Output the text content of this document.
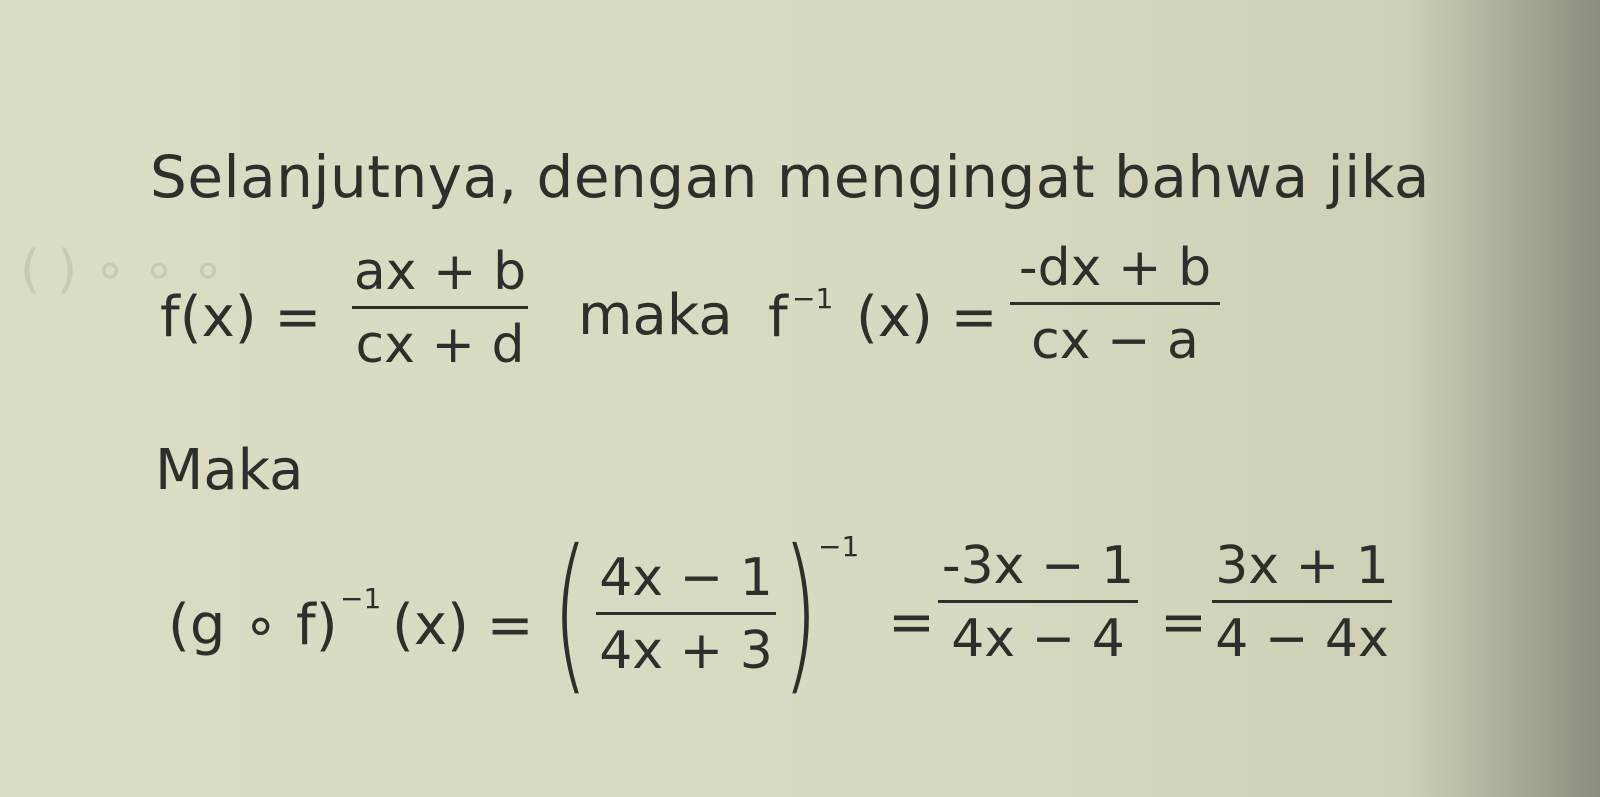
( ) ∘ ∘ ∘
Selanjutnya, dengan mengingat bahwa jika
f(x) =
ax + b
cx + d maka f −1 (x) =
-dx + b
cx − a
Maka
(g ∘ f) −1 (x) = ( 4x − 1
4x + 3 ) −1
=
-3x − 1
4x − 4 =
3x + 1
4 − 4x
